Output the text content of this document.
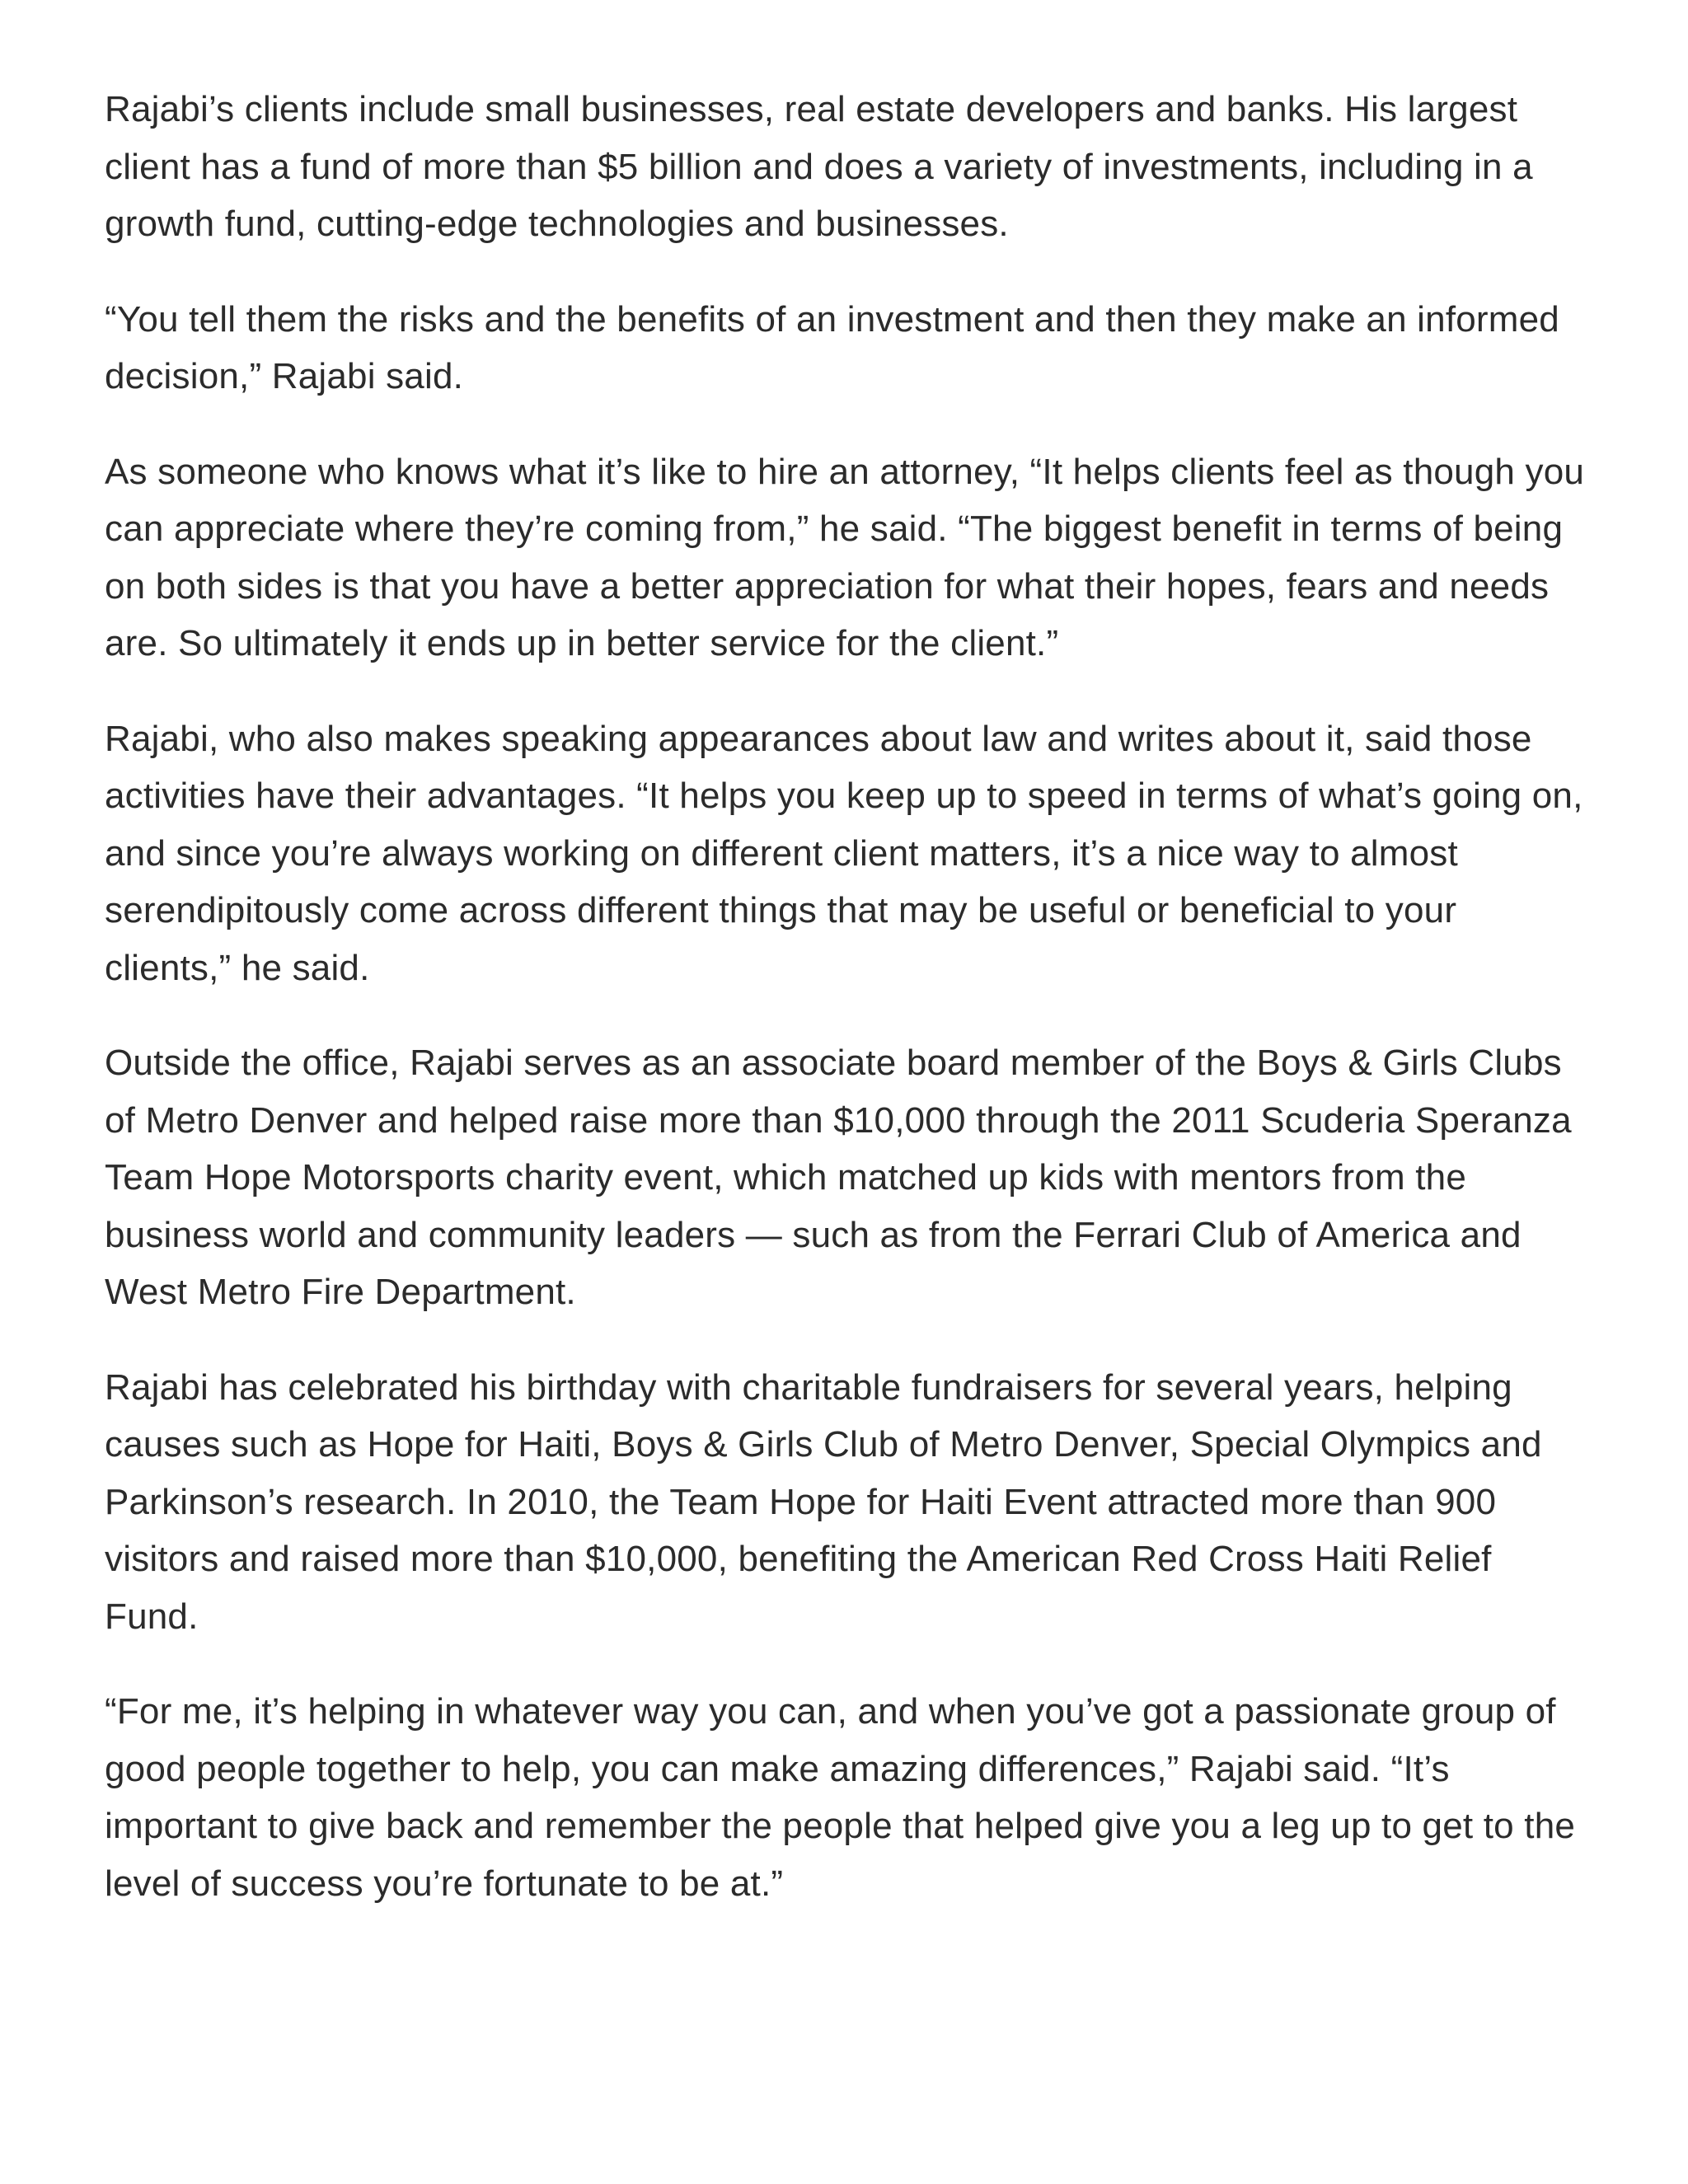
Rajabi’s clients include small businesses, real estate developers and banks. His largest client has a fund of more than $5 billion and does a variety of investments, including in a growth fund, cutting-edge technologies and businesses.

“You tell them the risks and the benefits of an investment and then they make an informed decision,” Rajabi said.

As someone who knows what it’s like to hire an attorney, “It helps clients feel as though you can appreciate where they’re coming from,” he said. “The biggest benefit in terms of being on both sides is that you have a better appreciation for what their hopes, fears and needs are. So ultimately it ends up in better service for the client.”

Rajabi, who also makes speaking appearances about law and writes about it, said those activities have their advantages. “It helps you keep up to speed in terms of what’s going on, and since you’re always working on different client matters, it’s a nice way to almost serendipitously come across different things that may be useful or beneficial to your clients,” he said.

Outside the office, Rajabi serves as an associate board member of the Boys & Girls Clubs of Metro Denver and helped raise more than $10,000 through the 2011 Scuderia Speranza Team Hope Motorsports charity event, which matched up kids with mentors from the business world and community leaders — such as from the Ferrari Club of America and West Metro Fire Department.

Rajabi has celebrated his birthday with charitable fundraisers for several years, helping causes such as Hope for Haiti, Boys & Girls Club of Metro Denver, Special Olympics and Parkinson’s research. In 2010, the Team Hope for Haiti Event attracted more than 900 visitors and raised more than $10,000, benefiting the American Red Cross Haiti Relief Fund.

“For me, it’s helping in whatever way you can, and when you’ve got a passionate group of good people together to help, you can make amazing differences,” Rajabi said. “It’s important to give back and remember the people that helped give you a leg up to get to the level of success you’re fortunate to be at.”
